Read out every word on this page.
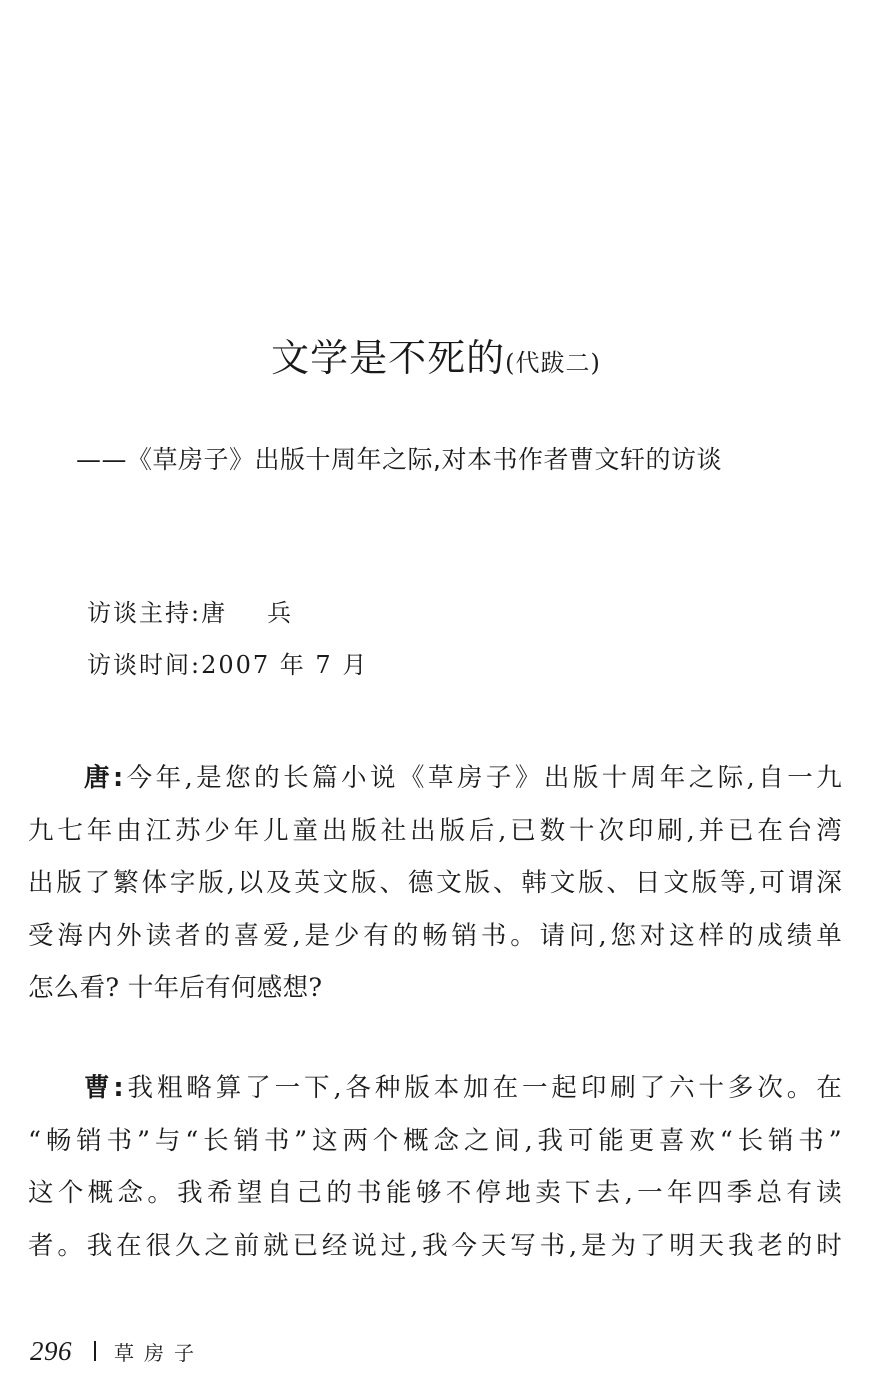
文学是不死的(代跋二)
——《草房子》出版十周年之际,对本书作者曹文轩的访谈
访谈主持:唐 兵
访谈时间:2007 年 7 月
唐:今年,是您的长篇小说《草房子》出版十周年之际,自一九
九七年由江苏少年儿童出版社出版后,已数十次印刷,并已在台湾
出版了繁体字版,以及英文版、德文版、韩文版、日文版等,可谓深
受海内外读者的喜爱,是少有的畅销书。请问,您对这样的成绩单
怎么看? 十年后有何感想?
曹:我粗略算了一下,各种版本加在一起印刷了六十多次。在
“畅销书”与“长销书”这两个概念之间,我可能更喜欢“长销书”
这个概念。我希望自己的书能够不停地卖下去,一年四季总有读
者。我在很久之前就已经说过,我今天写书,是为了明天我老的时
296 草房子
